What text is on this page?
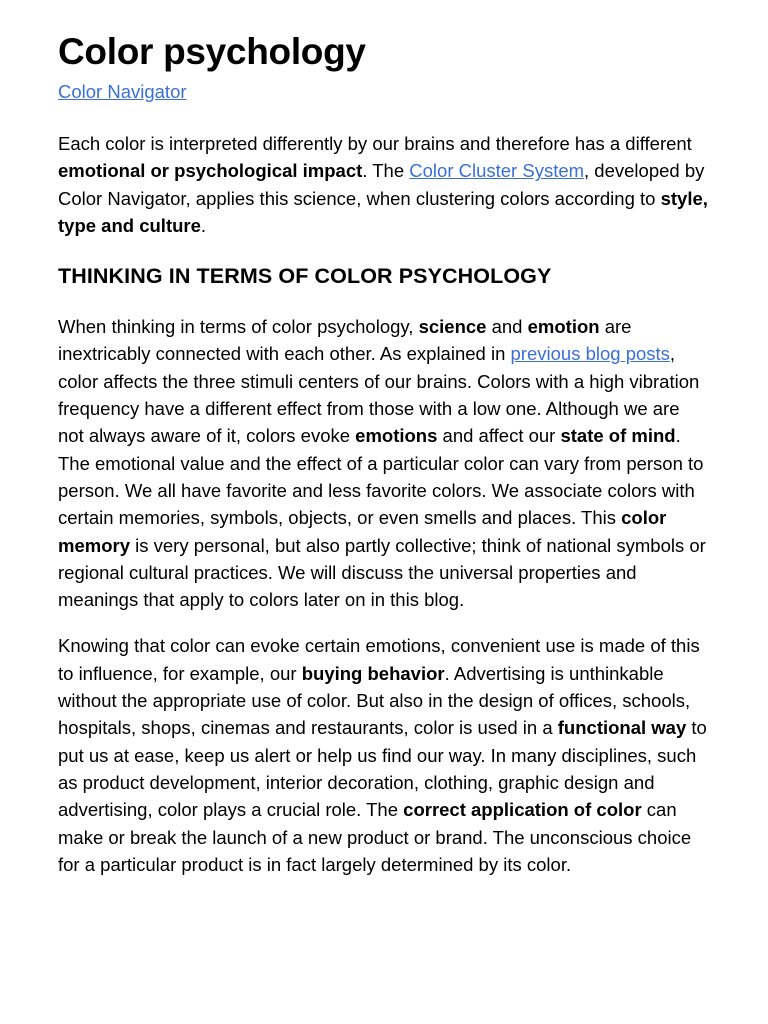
Color psychology
Color Navigator

Each color is interpreted differently by our brains and therefore has a different emotional or psychological impact. The Color Cluster System, developed by Color Navigator, applies this science, when clustering colors according to style, type and culture.

THINKING IN TERMS OF COLOR PSYCHOLOGY

When thinking in terms of color psychology, science and emotion are inextricably connected with each other. As explained in previous blog posts, color affects the three stimuli centers of our brains. Colors with a high vibration frequency have a different effect from those with a low one. Although we are not always aware of it, colors evoke emotions and affect our state of mind. The emotional value and the effect of a particular color can vary from person to person. We all have favorite and less favorite colors. We associate colors with certain memories, symbols, objects, or even smells and places. This color memory is very personal, but also partly collective; think of national symbols or regional cultural practices. We will discuss the universal properties and meanings that apply to colors later on in this blog.

Knowing that color can evoke certain emotions, convenient use is made of this to influence, for example, our buying behavior. Advertising is unthinkable without the appropriate use of color. But also in the design of offices, schools, hospitals, shops, cinemas and restaurants, color is used in a functional way to put us at ease, keep us alert or help us find our way. In many disciplines, such as product development, interior decoration, clothing, graphic design and advertising, color plays a crucial role. The correct application of color can make or break the launch of a new product or brand. The unconscious choice for a particular product is in fact largely determined by its color.
